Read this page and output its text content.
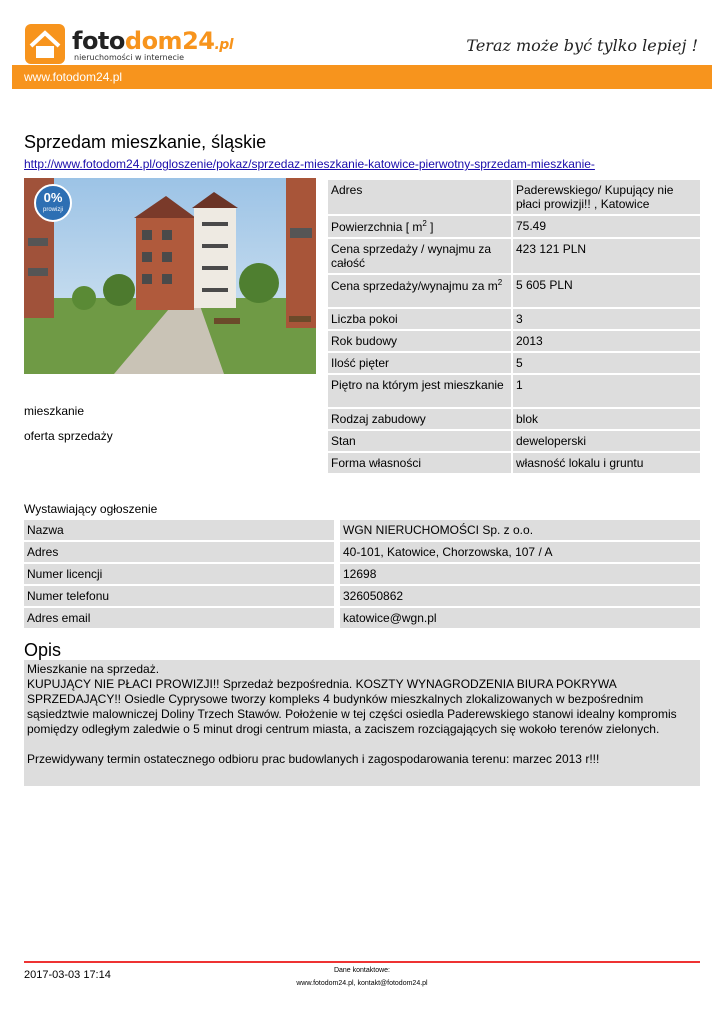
fotodom24.pl
nieruchomości w internecie
Teraz może być tylko lepiej !
www.fotodom24.pl
Sprzedam mieszkanie, śląskie
http://www.fotodom24.pl/ogloszenie/pokaz/sprzedaz-mieszkanie-katowice-pierwotny-sprzedam-mieszkanie-
0%
prowizji
mieszkanie
oferta sprzedaży
Adres	Paderewskiego/ Kupujący nie płaci prowizji!! , Katowice
Powierzchnia [ $m^2$ ]	75.49
Cena sprzedaży / wynajmu za całość	423 121 PLN
Cena sprzedaży/wynajmu za $m^2$	5 605 PLN
Liczba pokoi	3
Rok budowy	2013
Ilość pięter	5
Piętro na którym jest mieszkanie	1
Rodzaj zabudowy	blok
Stan	deweloperski
Forma własności	własność lokalu i gruntu
Wystawiający ogłoszenie
Nazwa	WGN NIERUCHOMOŚCI Sp. z o.o.
Adres	40-101, Katowice, Chorzowska, 107 / A
Numer licencji	12698
Numer telefonu	326050862
Adres email	katowice@wgn.pl
Opis

Mieszkanie na sprzedaż.
KUPUJĄCY NIE PŁACI PROWIZJI!! Sprzedaż bezpośrednia. KOSZTY WYNAGRODZENIA BIURA POKRYWA SPRZEDAJĄCY!! Osiedle Cyprysowe tworzy kompleks 4 budynków mieszkalnych zlokalizowanych w bezpośrednim sąsiedztwie malowniczej Doliny Trzech Stawów. Położenie w tej części osiedla Paderewskiego stanowi idealny kompromis pomiędzy odległym zaledwie o 5 minut drogi centrum miasta, a zaciszem rozciągających się wokoło terenów zielonych.

Przewidywany termin ostatecznego odbioru prac budowlanych i zagospodarowania terenu: marzec 2013 r!!!

2017-03-03 17:14	Dane kontaktowe:
www.fotodom24.pl, kontakt@fotodom24.pl
